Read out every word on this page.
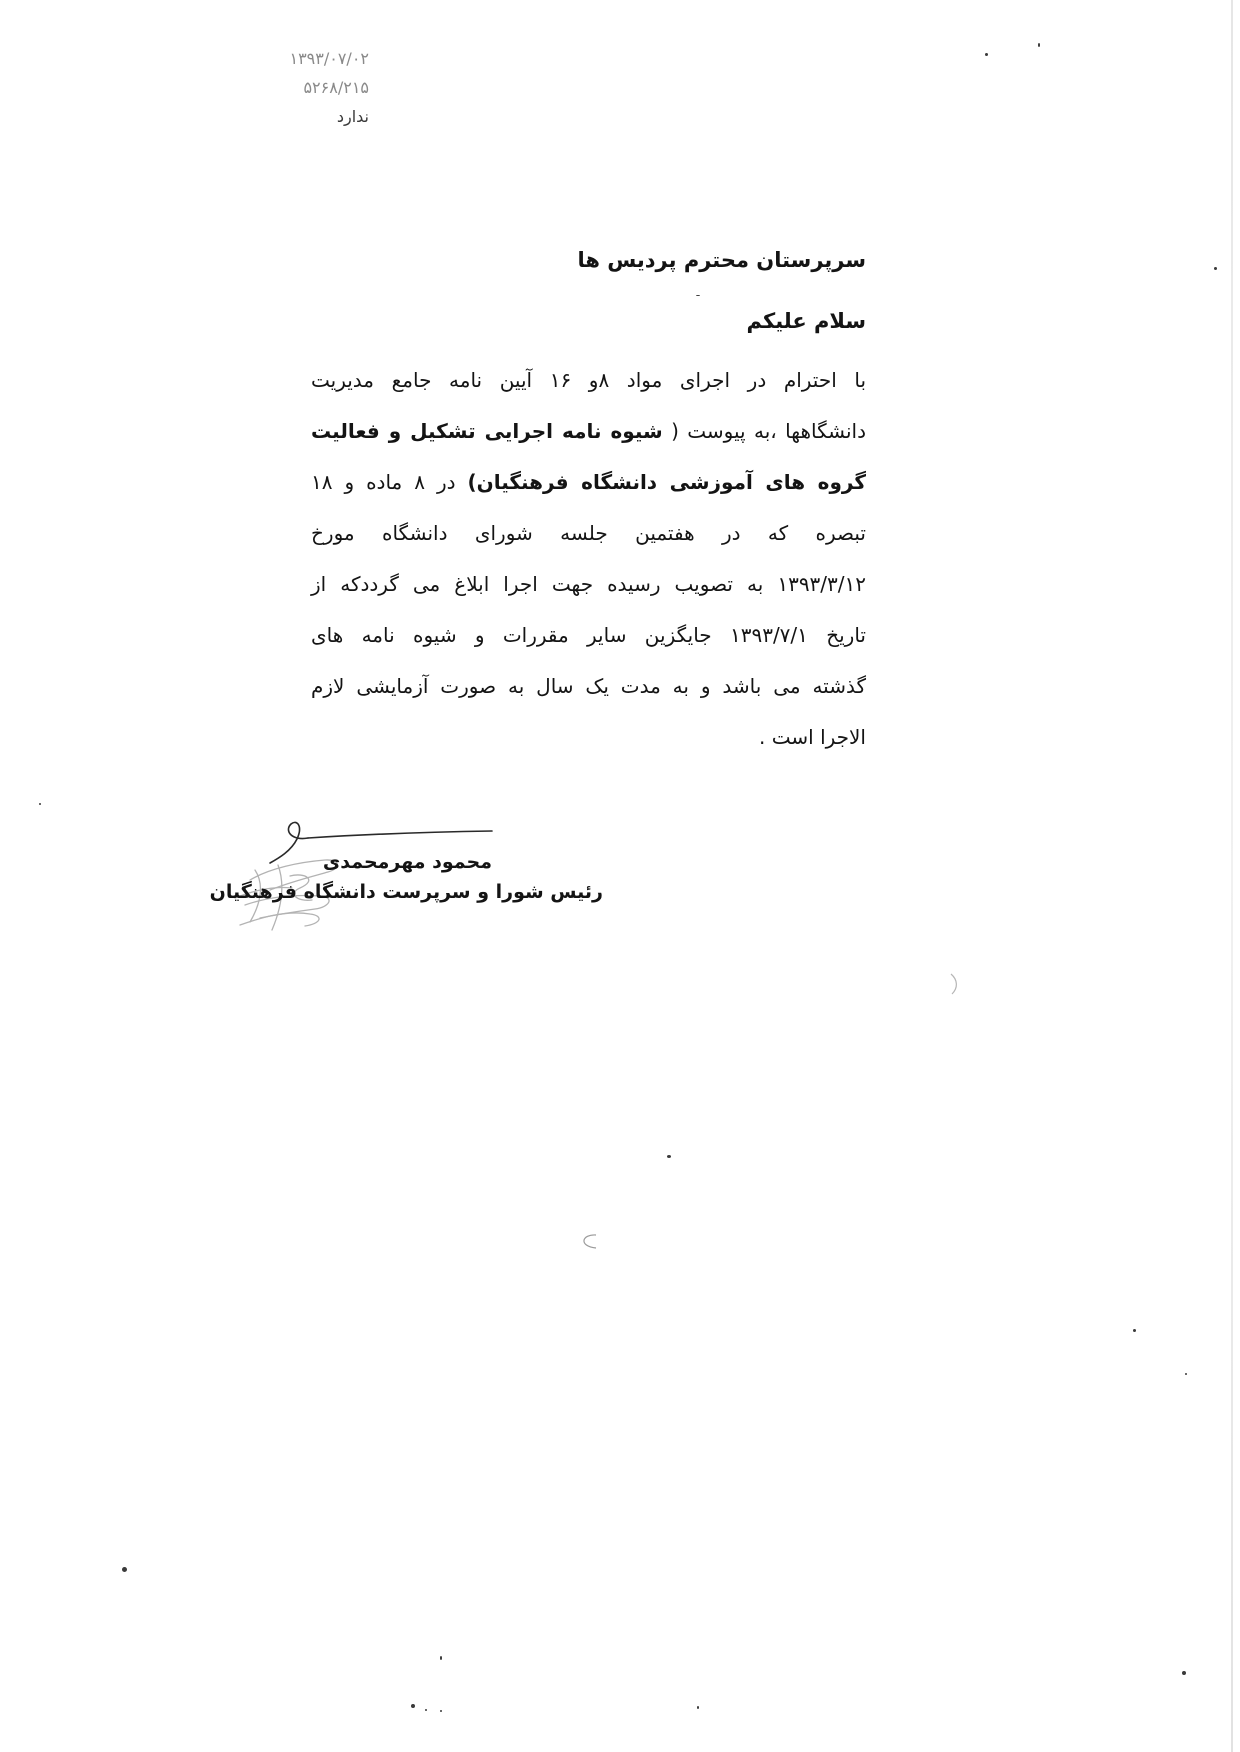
۱۳۹۳/۰۷/۰۲
۵۲۶۸/۲۱۵
ندارد
سرپرستان محترم پردیس ها
سلام علیکم
با احترام در اجرای مواد ۸و ۱۶ آیین نامه جامع مدیریت
دانشگاهها ،به پیوست ( شیوه نامه اجرایی تشکیل و فعالیت
گروه های آموزشی دانشگاه فرهنگیان) در ۸ ماده و ۱۸
تبصره که در هفتمین جلسه شورای دانشگاه مورخ
۱۳۹۳/۳/۱۲ به تصویب رسیده جهت اجرا ابلاغ می گرددکه از
تاریخ ۱۳۹۳/۷/۱ جایگزین سایر مقررات و شیوه نامه های
گذشته می باشد و به مدت یک سال به صورت آزمایشی لازم
الاجرا است .
محمود مهرمحمدی
رئیس شورا و سرپرست دانشگاه فرهنگیان
